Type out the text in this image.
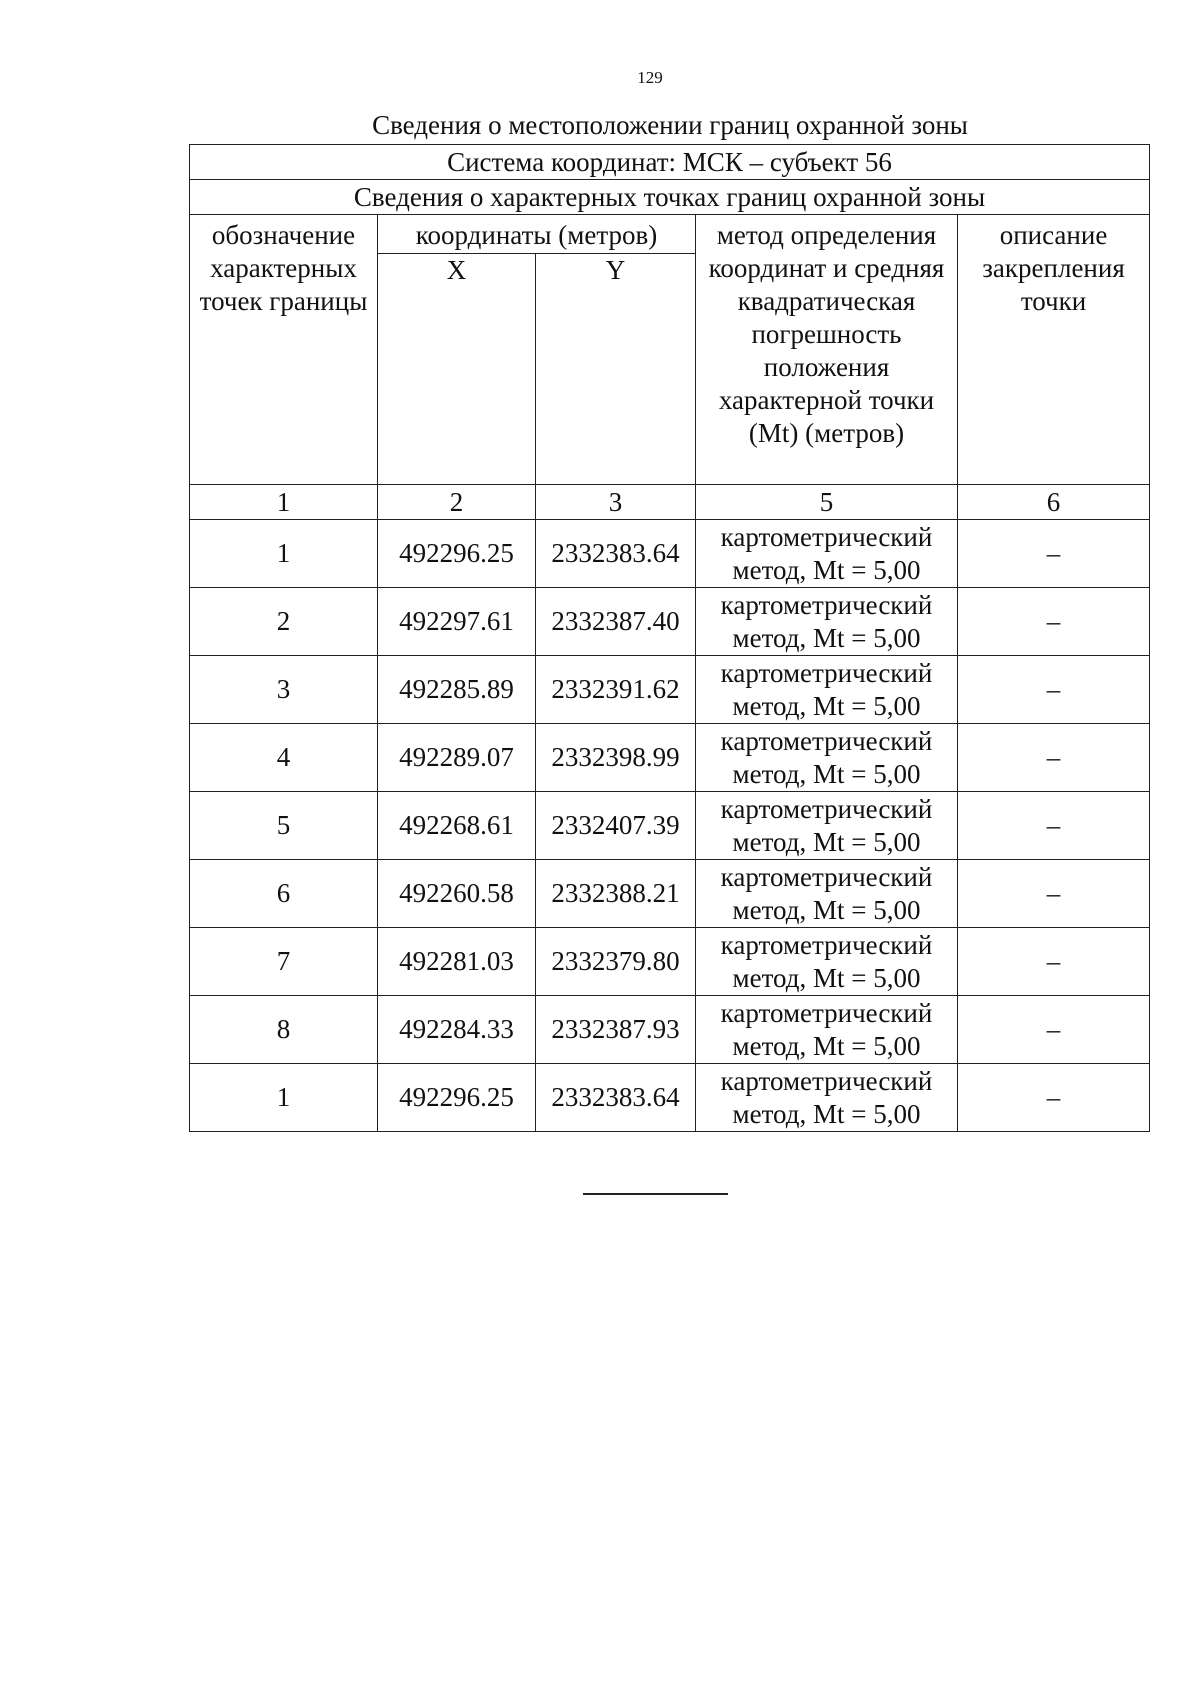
129
Сведения о местоположении границ охранной зоны
Система координат: МСК – субъект 56				
Сведения о характерных точках границ охранной зоны				
обозначение характерных точек границы	координаты (метров)		метод определения координат и средняя квадратическая погрешность положения характерной точки (Mt) (метров)	описание закрепления точки
	X	Y		
1	2	3	5	6
1	492296.25	2332383.64	картометрический метод, Mt = 5,00	–
2	492297.61	2332387.40	картометрический метод, Mt = 5,00	–
3	492285.89	2332391.62	картометрический метод, Mt = 5,00	–
4	492289.07	2332398.99	картометрический метод, Mt = 5,00	–
5	492268.61	2332407.39	картометрический метод, Mt = 5,00	–
6	492260.58	2332388.21	картометрический метод, Mt = 5,00	–
7	492281.03	2332379.80	картометрический метод, Mt = 5,00	–
8	492284.33	2332387.93	картометрический метод, Mt = 5,00	–
1	492296.25	2332383.64	картометрический метод, Mt = 5,00	–
